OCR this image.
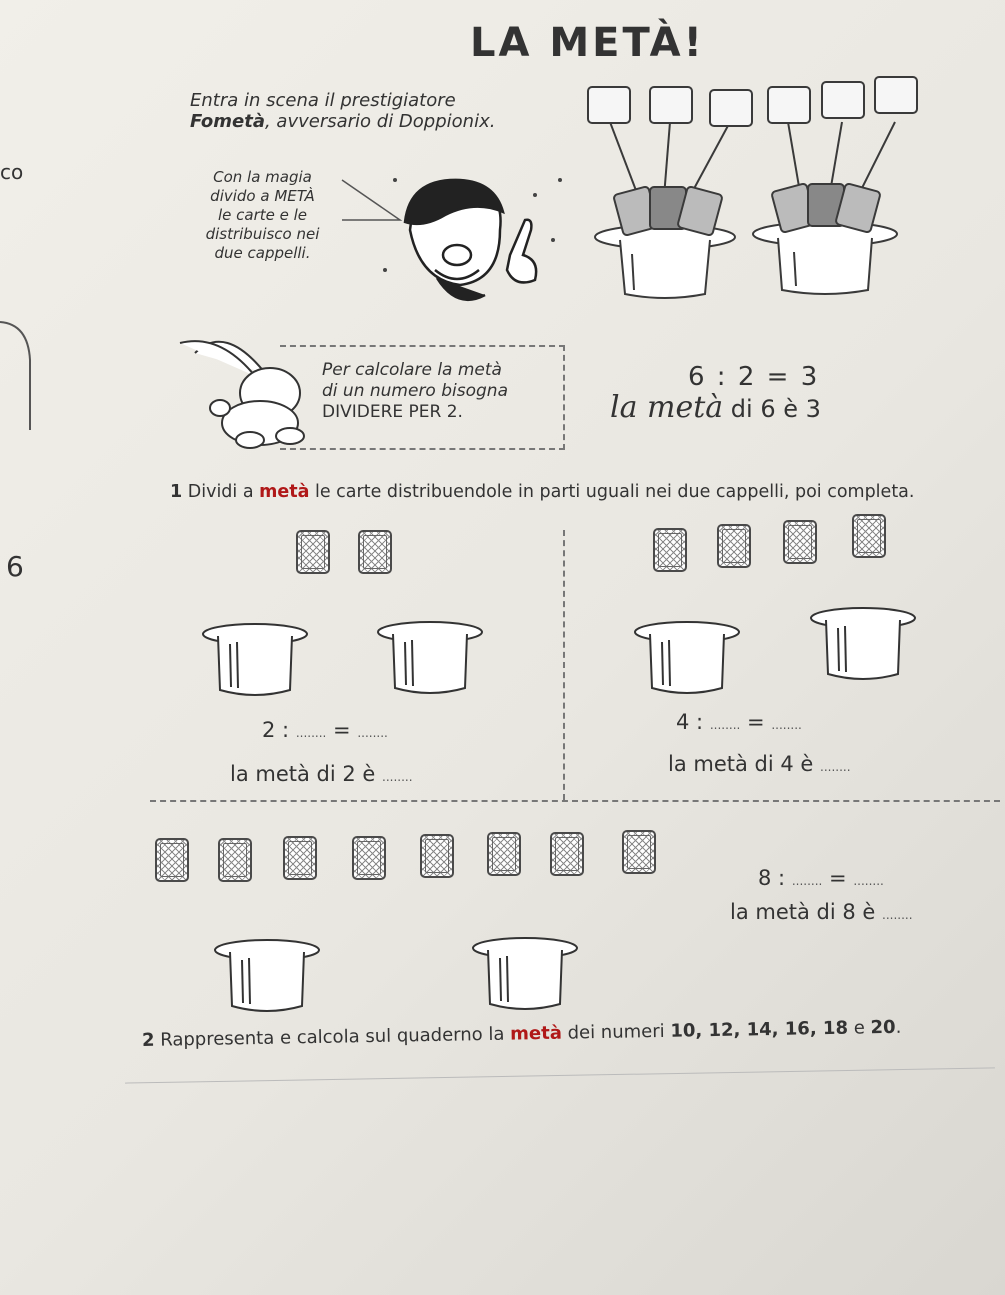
co
6
LA METÀ!
Entra in scena il prestigiatore
Fometà, avversario di Doppionix.
Con la magia
divido a METÀ
le carte e le
distribuisco nei
due cappelli.
Per calcolare la metà
di un numero bisogna
DIVIDERE PER 2.
6 : 2 = 3
la metà di 6 è 3
1 Dividi a metà le carte distribuendole in parti uguali nei due cappelli, poi completa.
2 : ........ = ........
la metà di 2 è ........
4 : ........ = ........
la metà di 4 è ........
8 : ........ = ........
la metà di 8 è ........
2 Rappresenta e calcola sul quaderno la metà dei numeri 10, 12, 14, 16, 18 e 20.
